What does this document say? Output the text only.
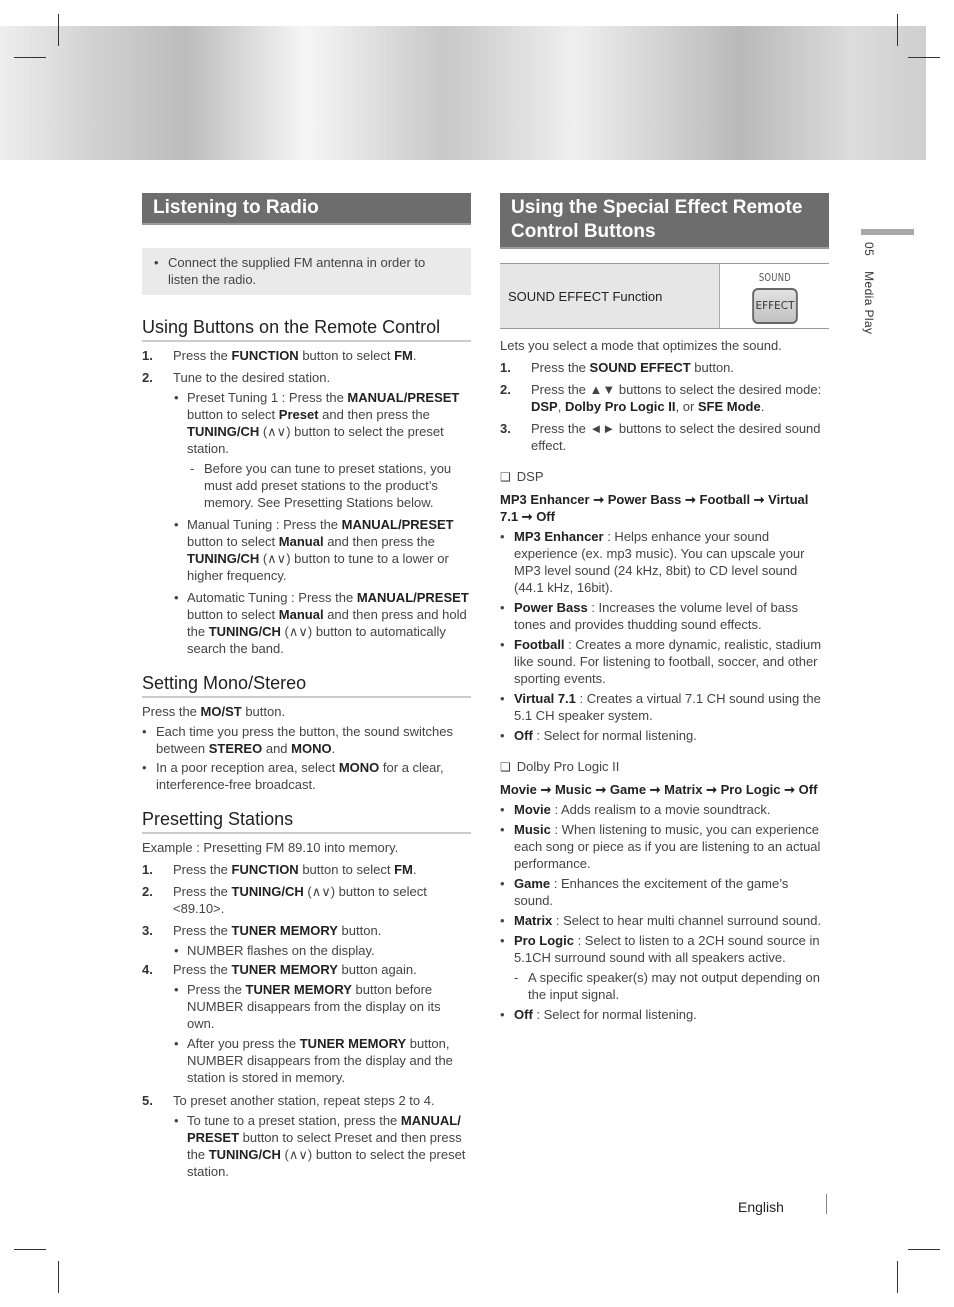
05    Media Play
Listening to Radio
• Connect the supplied FM antenna in order to listen the radio.
Using Buttons on the Remote Control
1. Press the FUNCTION button to select FM.
2. Tune to the desired station.
• Preset Tuning 1 : Press the MANUAL/PRESET button to select Preset and then press the TUNING/CH (∧∨) button to select the preset station.
- Before you can tune to preset stations, you must add preset stations to the product’s memory. See Presetting Stations below.
• Manual Tuning : Press the MANUAL/PRESET button to select Manual and then press the TUNING/CH (∧∨) button to tune to a lower or higher frequency.
• Automatic Tuning : Press the MANUAL/PRESET button to select Manual and then press and hold the TUNING/CH (∧∨) button to automatically search the band.
Setting Mono/Stereo
Press the MO/ST button.
• Each time you press the button, the sound switches between STEREO and MONO.
• In a poor reception area, select MONO for a clear, interference-free broadcast.
Presetting Stations
Example : Presetting FM 89.10 into memory.
1. Press the FUNCTION button to select FM.
2. Press the TUNING/CH (∧∨) button to select <89.10>.
3. Press the TUNER MEMORY button.
• NUMBER flashes on the display.
4. Press the TUNER MEMORY button again.
• Press the TUNER MEMORY button before NUMBER disappears from the display on its own.
• After you press the TUNER MEMORY button, NUMBER disappears from the display and the station is stored in memory.
5. To preset another station, repeat steps 2 to 4.
• To tune to a preset station, press the MANUAL/ PRESET button to select Preset and then press the TUNING/CH (∧∨) button to select the preset station.
Using the Special Effect Remote Control Buttons
SOUND EFFECT Function
SOUND
EFFECT
Lets you select a mode that optimizes the sound.
1. Press the SOUND EFFECT button.
2. Press the ▲▼ buttons to select the desired mode: DSP, Dolby Pro Logic II, or SFE Mode.
3. Press the ◄► buttons to select the desired sound effect.
❑ DSP
MP3 Enhancer ➞ Power Bass ➞ Football ➞ Virtual 7.1 ➞ Off
• MP3 Enhancer : Helps enhance your sound experience (ex. mp3 music). You can upscale your MP3 level sound (24 kHz, 8bit) to CD level sound (44.1 kHz, 16bit).
• Power Bass : Increases the volume level of bass tones and provides thudding sound effects.
• Football : Creates a more dynamic, realistic, stadium like sound. For listening to football, soccer, and other sporting events.
• Virtual 7.1 : Creates a virtual 7.1 CH sound using the 5.1 CH speaker system.
• Off : Select for normal listening.
❑ Dolby Pro Logic II
Movie ➞ Music ➞ Game ➞ Matrix ➞ Pro Logic ➞ Off
• Movie : Adds realism to a movie soundtrack.
• Music : When listening to music, you can experience each song or piece as if you are listening to an actual performance.
• Game : Enhances the excitement of the game’s sound.
• Matrix : Select to hear multi channel surround sound.
• Pro Logic : Select to listen to a 2CH sound source in 5.1CH surround sound with all speakers active.
- A specific speaker(s) may not output depending on the input signal.
• Off : Select for normal listening.
English
